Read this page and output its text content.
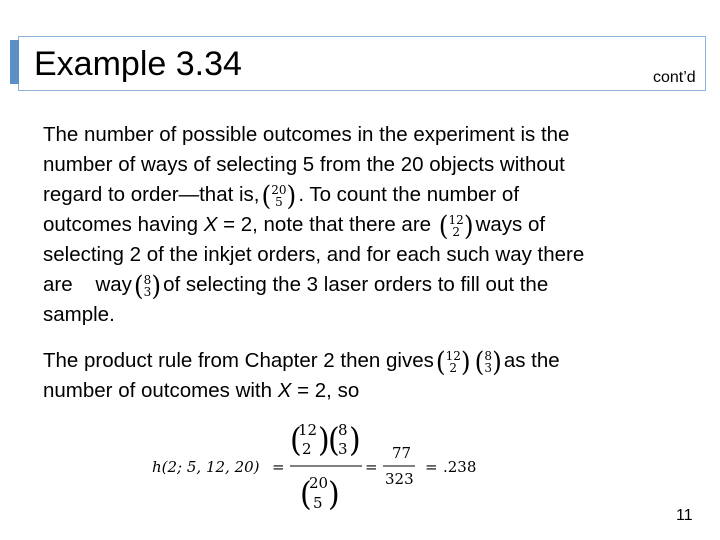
Example 3.34	cont’d

The number of possible outcomes in the experiment is the
number of ways of selecting 5 from the 20 objects without
regard to order—that is, ( 20
5 ) . To count the number of
outcomes having X = 2, note that there are ( 12
2 ) ways of
selecting 2 of the inkjet orders, and for each such way there
are way ( 8
3 ) of selecting the 3 laser orders to fill out the
sample.

The product rule from Chapter 2 then gives ( 12
2 ) ( 8
3 ) as the
number of outcomes with X = 2, so

h(2; 5, 12, 20) =
(
12
2 )
(
8
3 )
(
20
5 )
=
77
323
= .238
11
